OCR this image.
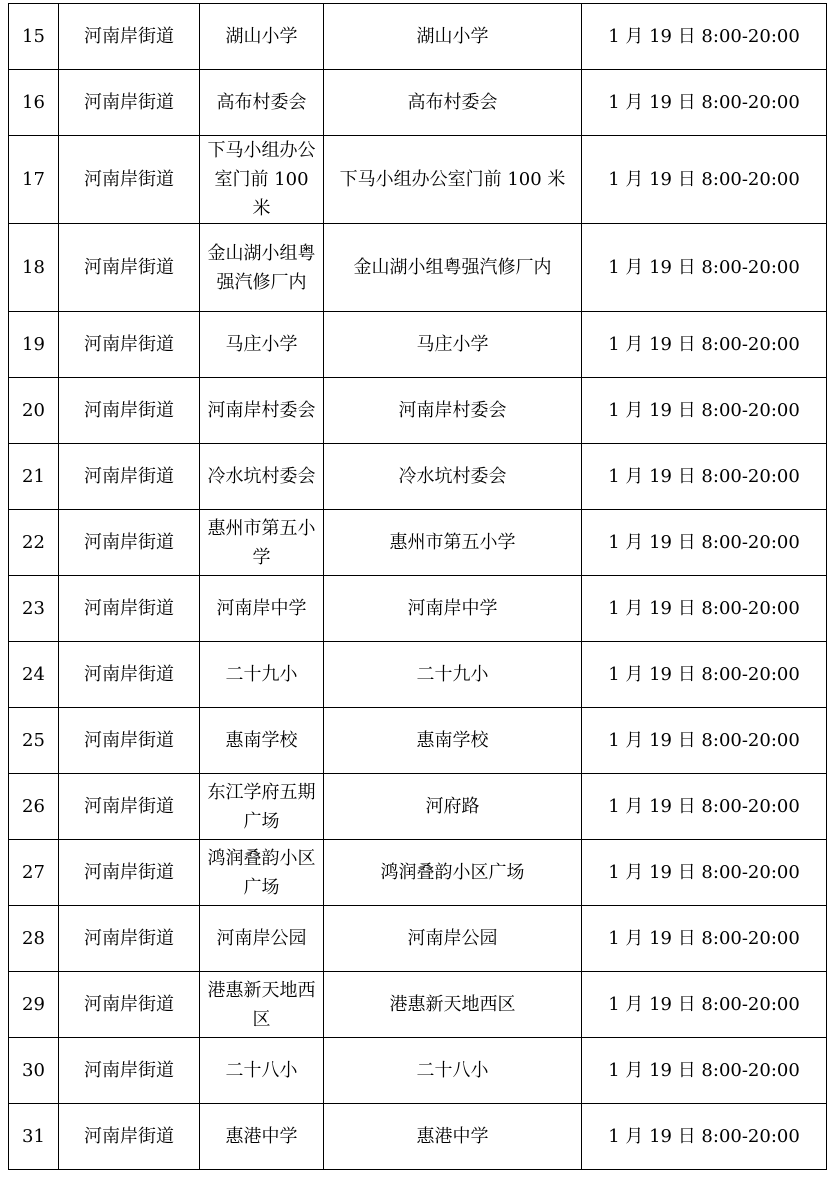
15	河南岸街道	湖山小学	湖山小学	1 月 19 日 8:00-20:00
16	河南岸街道	高布村委会	高布村委会	1 月 19 日 8:00-20:00
17	河南岸街道	下马小组办公室门前 100 米	下马小组办公室门前 100 米	1 月 19 日 8:00-20:00
18	河南岸街道	金山湖小组粤强汽修厂内	金山湖小组粤强汽修厂内	1 月 19 日 8:00-20:00
19	河南岸街道	马庄小学	马庄小学	1 月 19 日 8:00-20:00
20	河南岸街道	河南岸村委会	河南岸村委会	1 月 19 日 8:00-20:00
21	河南岸街道	冷水坑村委会	冷水坑村委会	1 月 19 日 8:00-20:00
22	河南岸街道	惠州市第五小学	惠州市第五小学	1 月 19 日 8:00-20:00
23	河南岸街道	河南岸中学	河南岸中学	1 月 19 日 8:00-20:00
24	河南岸街道	二十九小	二十九小	1 月 19 日 8:00-20:00
25	河南岸街道	惠南学校	惠南学校	1 月 19 日 8:00-20:00
26	河南岸街道	东江学府五期广场	河府路	1 月 19 日 8:00-20:00
27	河南岸街道	鸿润叠韵小区广场	鸿润叠韵小区广场	1 月 19 日 8:00-20:00
28	河南岸街道	河南岸公园	河南岸公园	1 月 19 日 8:00-20:00
29	河南岸街道	港惠新天地西区	港惠新天地西区	1 月 19 日 8:00-20:00
30	河南岸街道	二十八小	二十八小	1 月 19 日 8:00-20:00
31	河南岸街道	惠港中学	惠港中学	1 月 19 日 8:00-20:00
